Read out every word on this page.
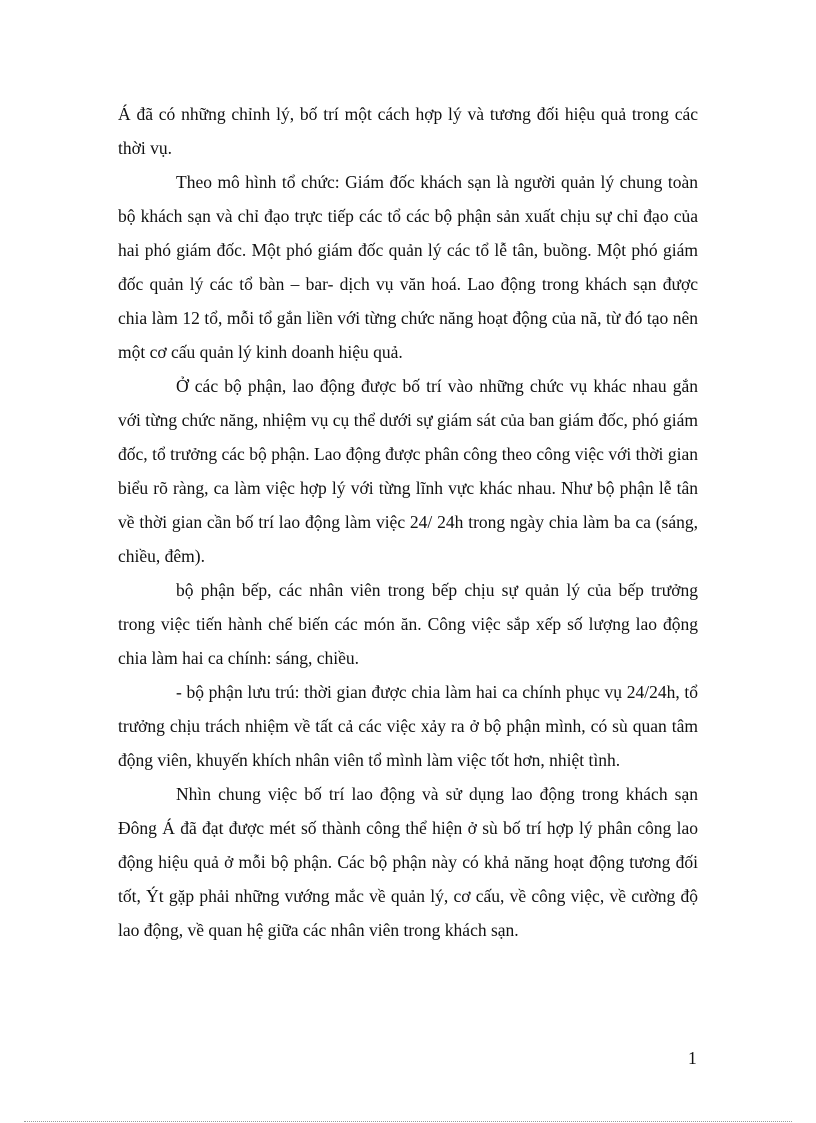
Á đã có những chỉnh lý, bố trí một cách hợp lý và tương đối hiệu quả trong các thời vụ.

Theo mô hình tổ chức: Giám đốc khách sạn là người quản lý chung toàn bộ khách sạn và chỉ đạo trực tiếp các tổ các bộ phận sản xuất chịu sự chỉ đạo của hai phó giám đốc. Một phó giám đốc quản lý các tổ lễ tân, buồng. Một phó giám đốc quản lý các tổ bàn – bar- dịch vụ văn hoá. Lao động trong khách sạn được chia làm 12 tổ, mỗi tổ gắn liền với từng chức năng hoạt động của nã, từ đó tạo nên một cơ cấu quản lý kinh doanh hiệu quả.

Ở các bộ phận, lao động được bố trí vào những chức vụ khác nhau gắn với từng chức năng, nhiệm vụ cụ thể dưới sự giám sát của ban giám đốc, phó giám đốc, tổ trưởng các bộ phận. Lao động được phân công theo công việc với thời gian biểu rõ ràng, ca làm việc hợp lý với từng lĩnh vực khác nhau. Như bộ phận lễ tân về thời gian cần bố trí lao động làm việc 24/ 24h trong ngày chia làm ba ca (sáng, chiều, đêm).

bộ phận bếp, các nhân viên trong bếp chịu sự quản lý của bếp trưởng trong việc tiến hành chế biến các món ăn. Công việc sắp xếp số lượng lao động chia làm hai ca chính: sáng, chiều.

- bộ phận lưu trú: thời gian được chia làm hai ca chính phục vụ 24/24h, tổ trưởng chịu trách nhiệm về tất cả các việc xảy ra ở bộ phận mình, có sù quan tâm động viên, khuyến khích nhân viên tổ mình làm việc tốt hơn, nhiệt tình.

Nhìn chung việc bố trí lao động và sử dụng lao động trong khách sạn Đông Á đã đạt được mét số thành công thể hiện ở sù bố trí hợp lý phân công lao động hiệu quả ở mỗi bộ phận. Các bộ phận này có khả năng hoạt động tương đối tốt, Ýt gặp phải những vướng mắc về quản lý, cơ cấu, về công việc, về cường độ lao động, về quan hệ giữa các nhân viên trong khách sạn.

1
